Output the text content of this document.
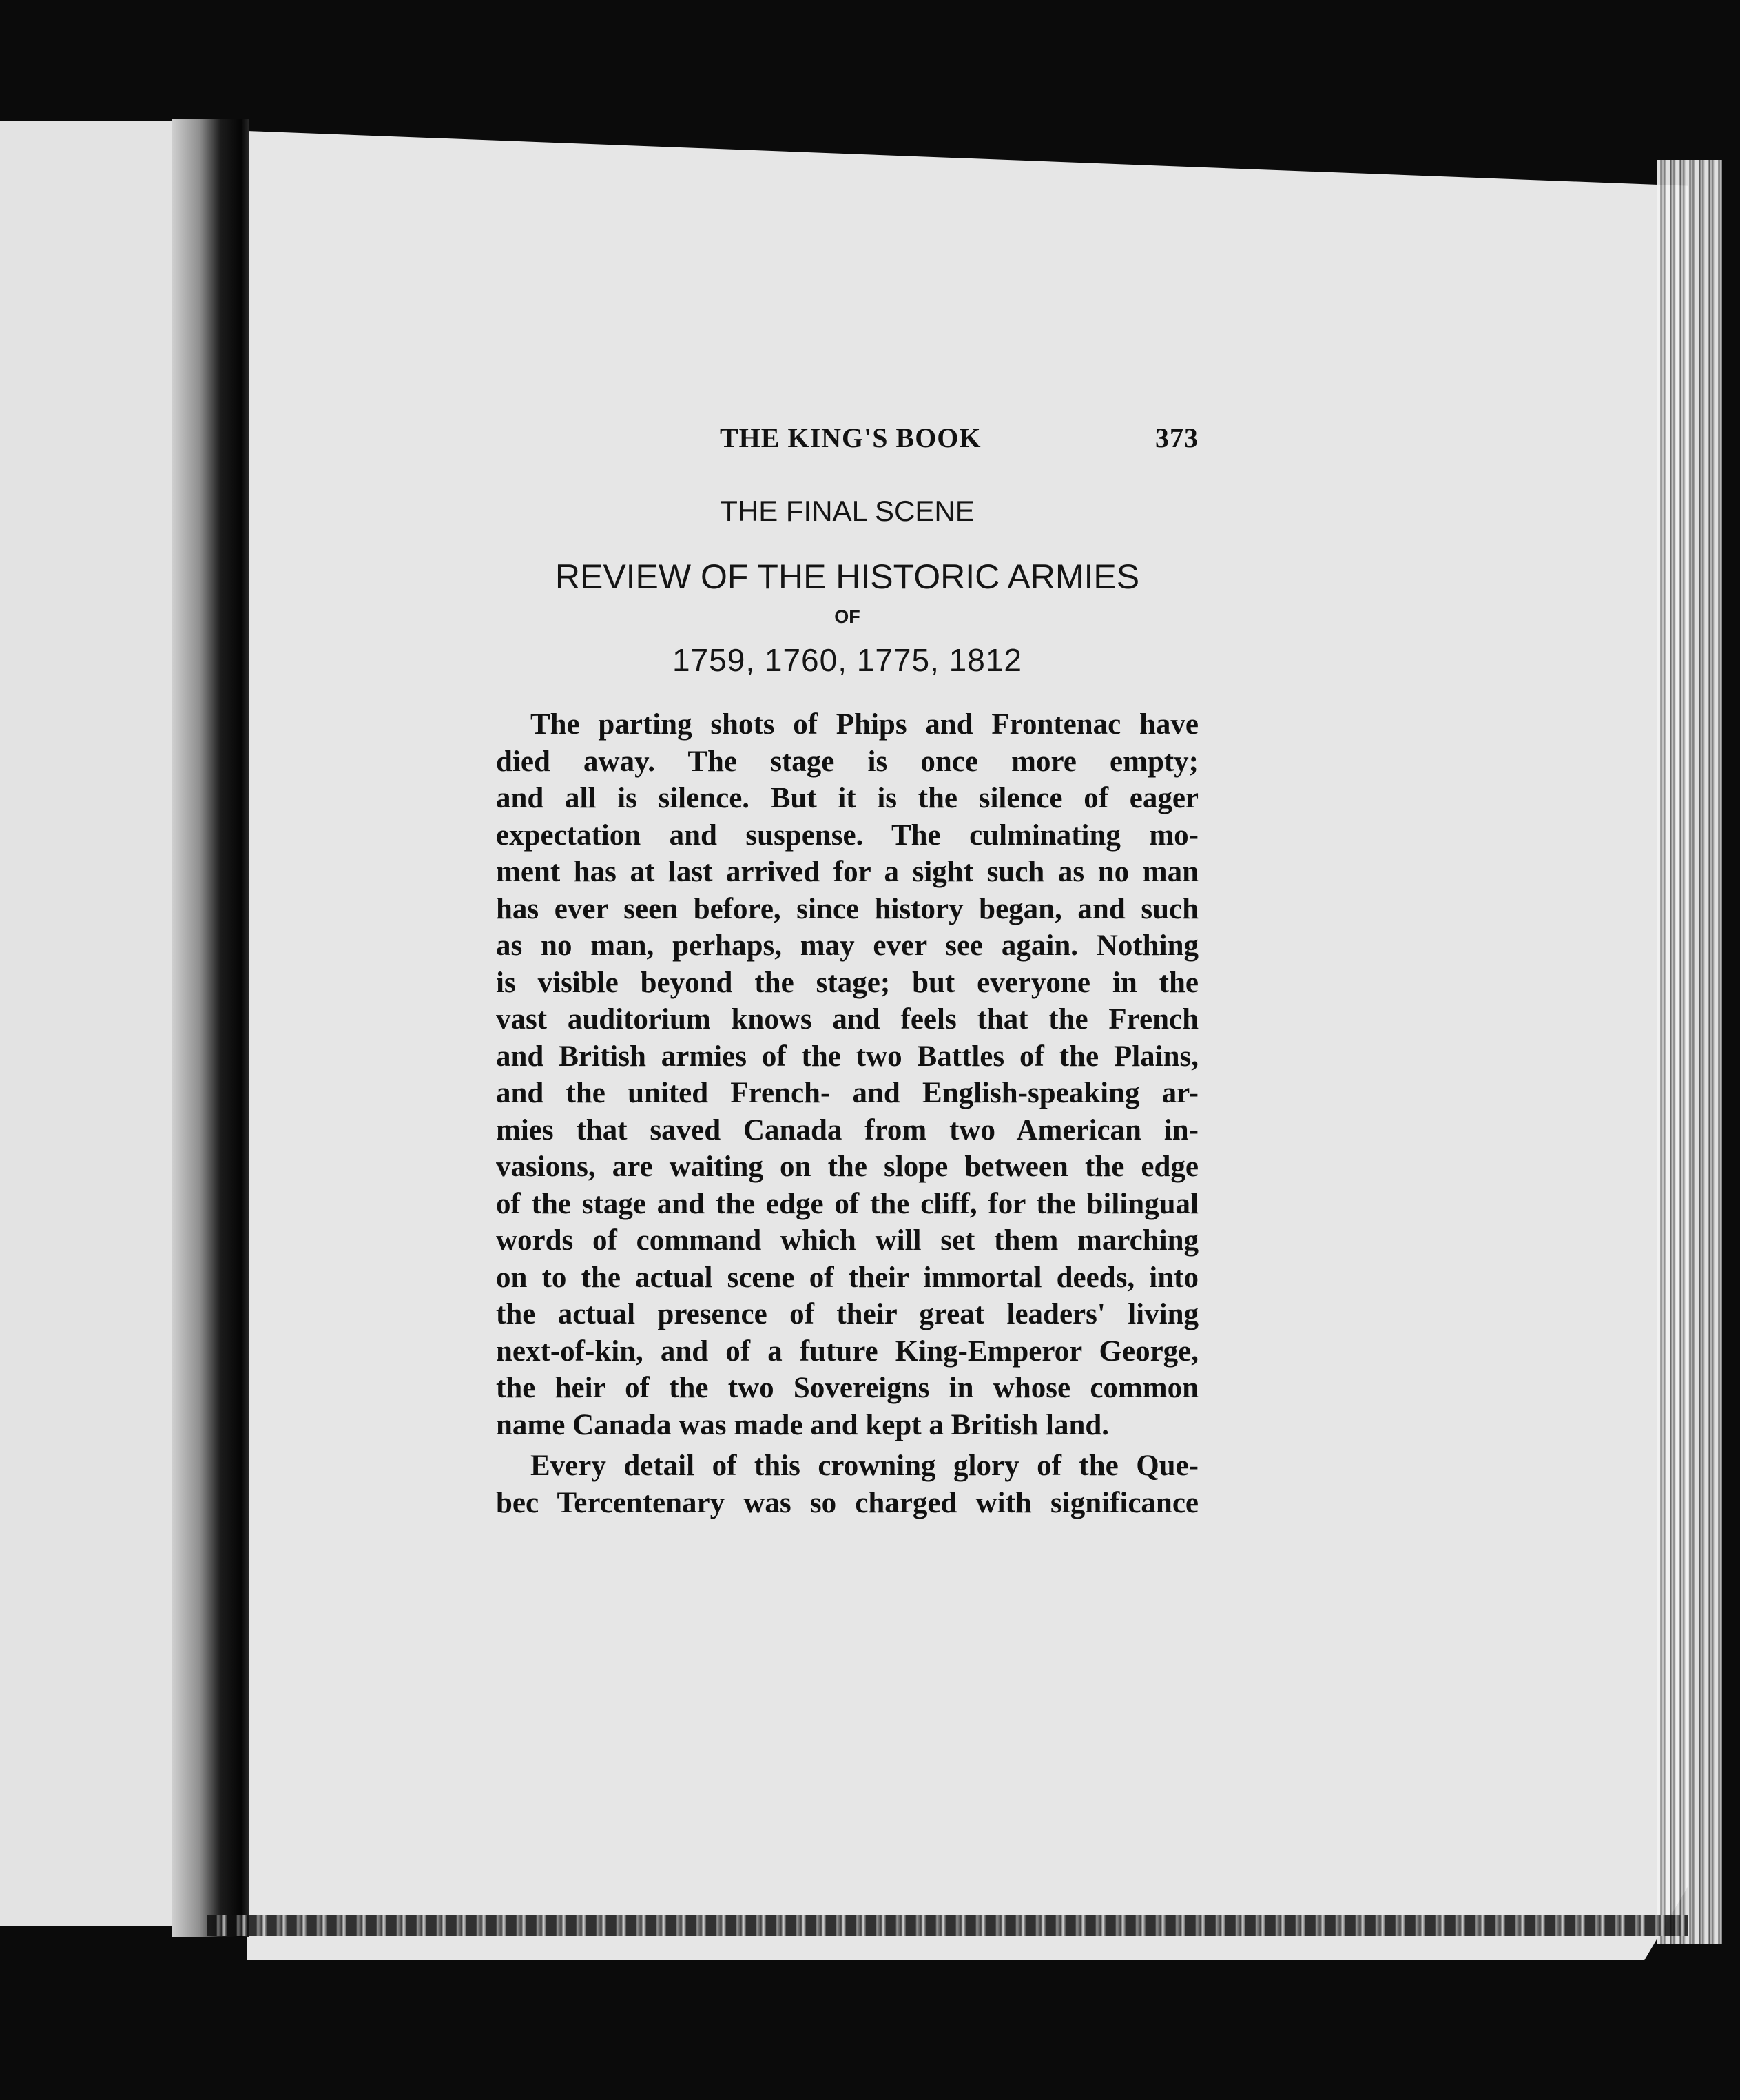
THE KING'S BOOK	373
THE FINAL SCENE
REVIEW OF THE HISTORIC ARMIES
OF
1759, 1760, 1775, 1812
The parting shots of Phips and Frontenac have
died away. The stage is once more empty;
and all is silence. But it is the silence of eager
expectation and suspense. The culminating mo-
ment has at last arrived for a sight such as no man
has ever seen before, since history began, and such
as no man, perhaps, may ever see again. Nothing
is visible beyond the stage; but everyone in the
vast auditorium knows and feels that the French
and British armies of the two Battles of the Plains,
and the united French- and English-speaking ar-
mies that saved Canada from two American in-
vasions, are waiting on the slope between the edge
of the stage and the edge of the cliff, for the bilingual
words of command which will set them marching
on to the actual scene of their immortal deeds, into
the actual presence of their great leaders' living
next-of-kin, and of a future King-Emperor George,
the heir of the two Sovereigns in whose common
name Canada was made and kept a British land.
Every detail of this crowning glory of the Que-
bec Tercentenary was so charged with significance
